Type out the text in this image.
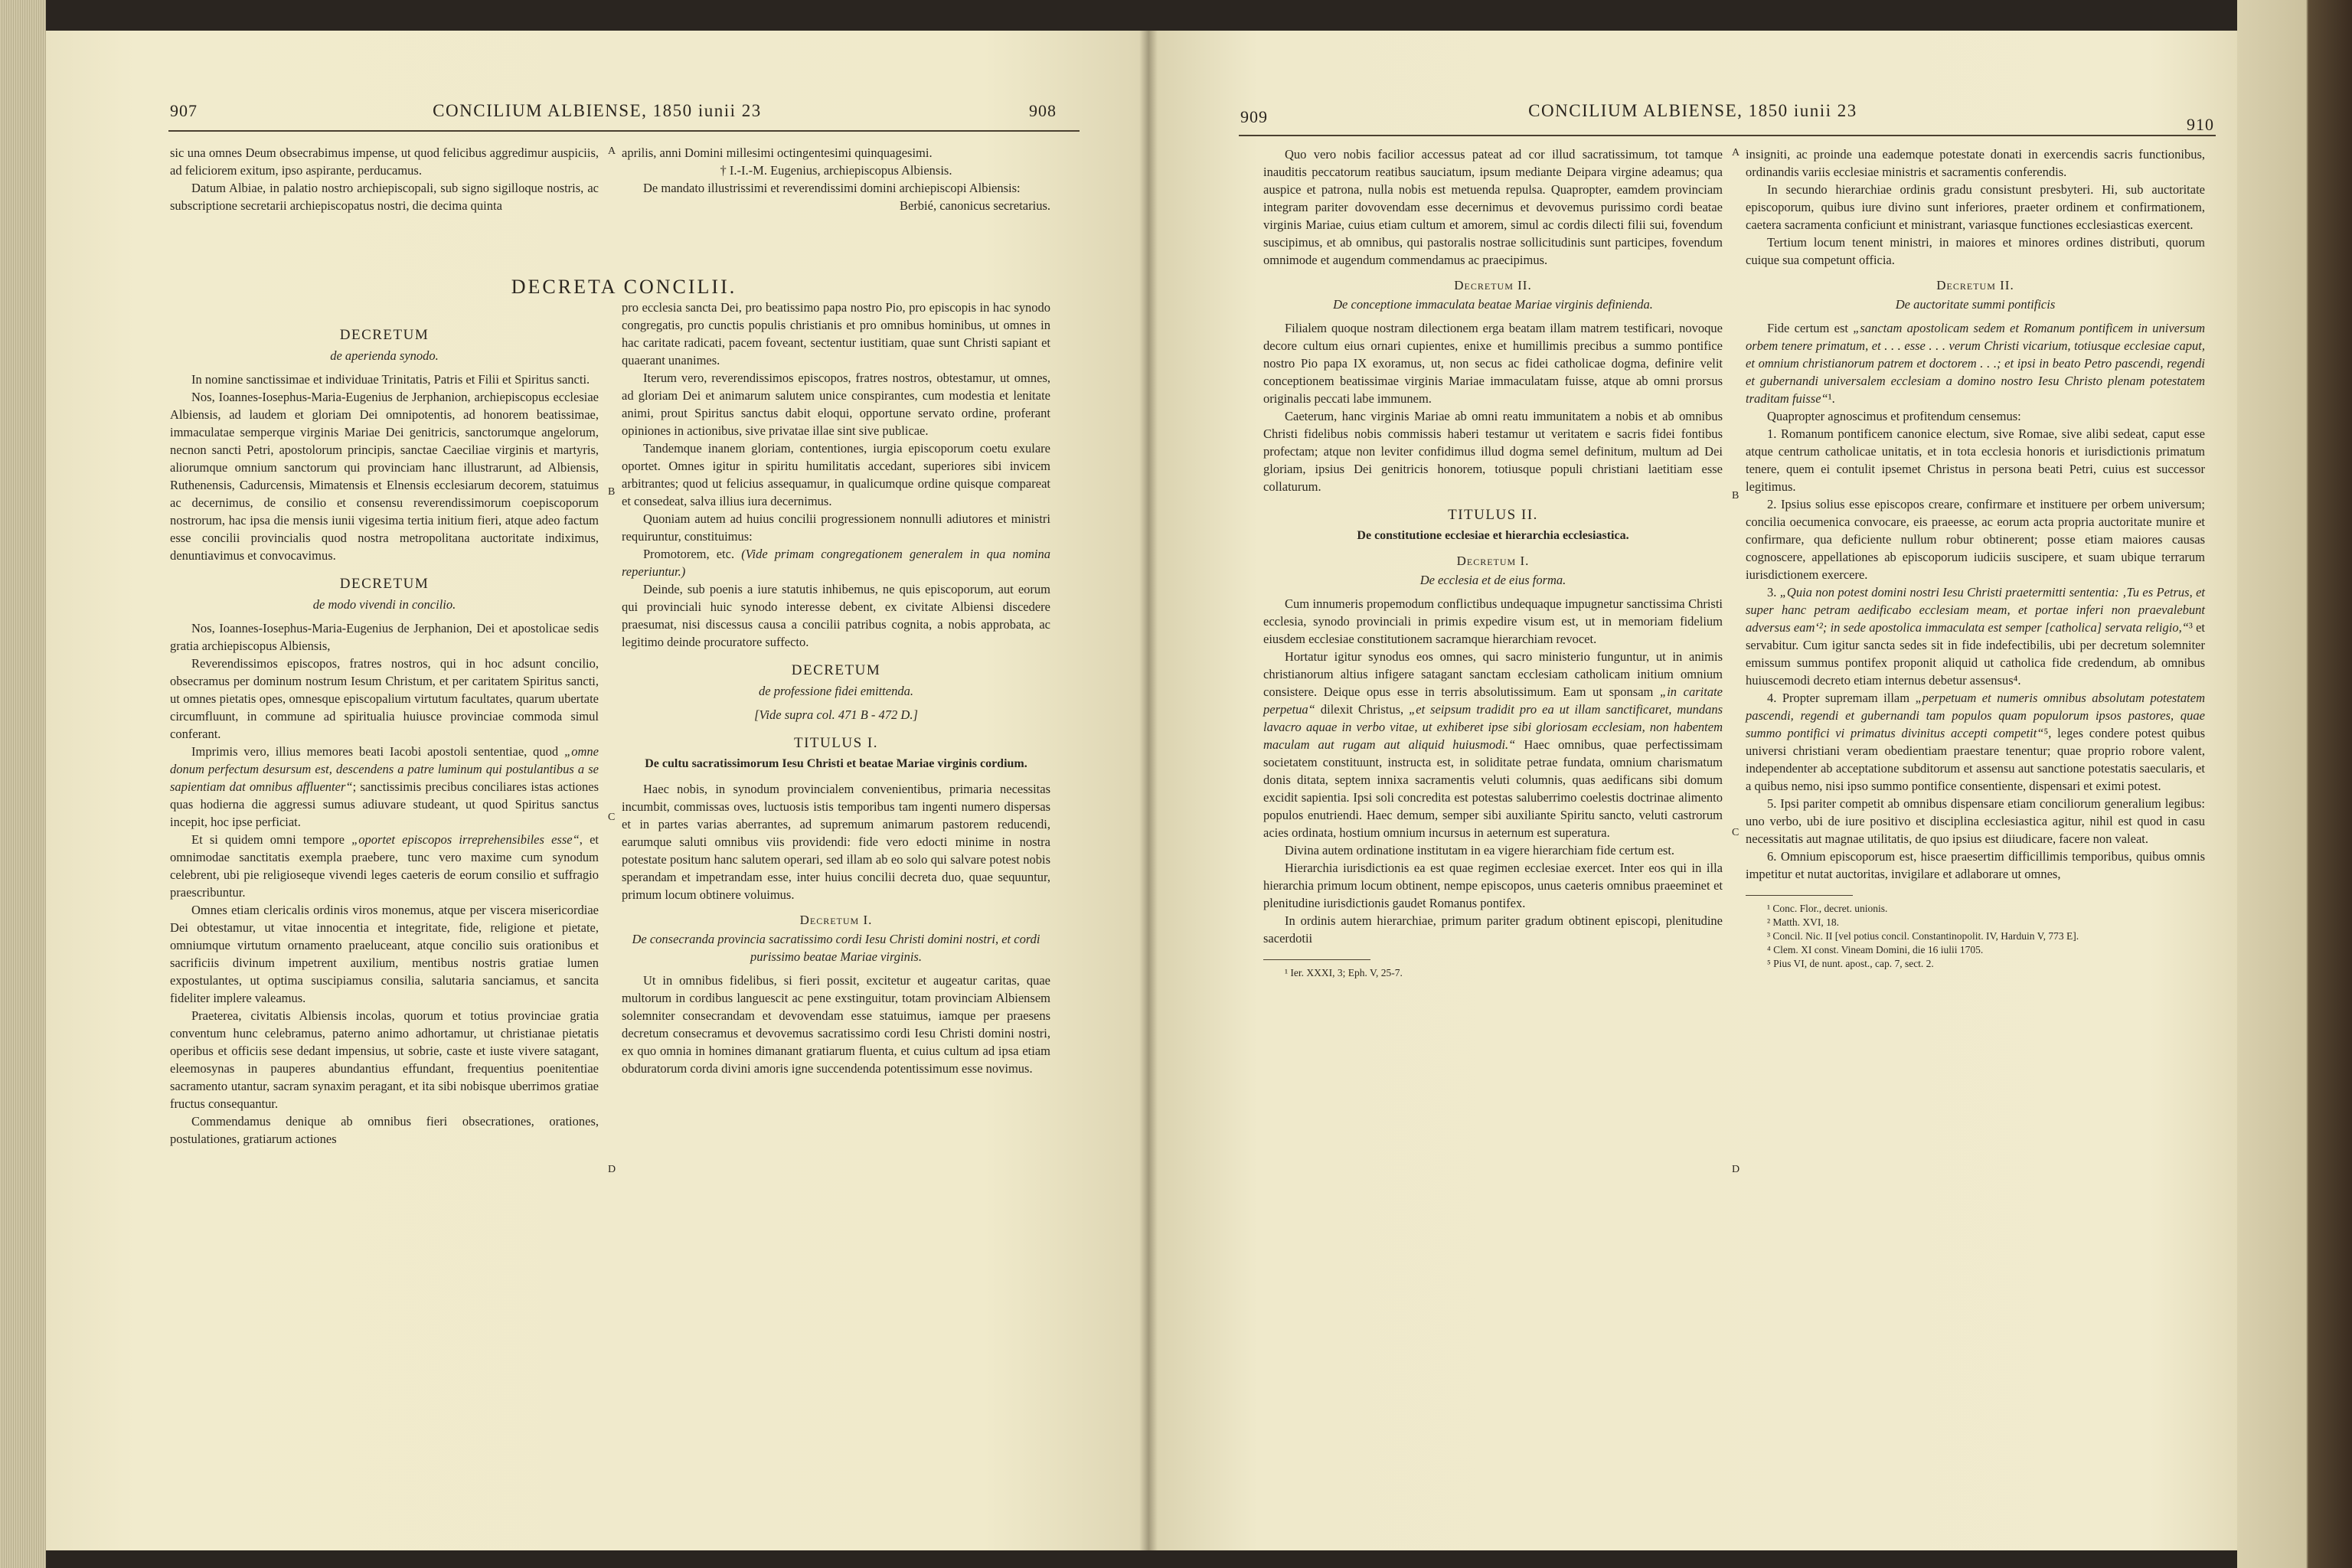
907	CONCILIUM ALBIENSE, 1850 iunii 23	908

sic una omnes Deum obsecrabimus impense, ut quod felicibus aggredimur auspiciis, ad feliciorem exitum, ipso aspirante, perducamus.

Datum Albiae, in palatio nostro archiepiscopali, sub signo sigilloque nostris, ac subscriptione secretarii archiepiscopatus nostri, die decima quinta

aprilis, anni Domini millesimi octingentesimi quinquagesimi.

† I.-I.-M. Eugenius, archiepiscopus Albiensis.

De mandato illustrissimi et reverendissimi domini archiepiscopi Albiensis:

Berbié, canonicus secretarius.

DECRETA CONCILII.
DECRETUM

de aperienda synodo.

In nomine sanctissimae et individuae Trinitatis, Patris et Filii et Spiritus sancti.

Nos, Ioannes-Iosephus-Maria-Eugenius de Jerphanion, archiepiscopus ecclesiae Albiensis, ad laudem et gloriam Dei omnipotentis, ad honorem beatissimae, immaculatae semperque virginis Mariae Dei genitricis, sanctorumque angelorum, necnon sancti Petri, apostolorum principis, sanctae Caeciliae virginis et martyris, aliorumque omnium sanctorum qui provinciam hanc illustrarunt, ad Albiensis, Ruthenensis, Cadurcensis, Mimatensis et Elnensis ecclesiarum decorem, statuimus ac decernimus, de consilio et consensu reverendissimorum coepiscoporum nostrorum, hac ipsa die mensis iunii vigesima tertia initium fieri, atque adeo factum esse concilii provincialis quod nostra metropolitana auctoritate indiximus, denuntiavimus et convocavimus.

DECRETUM

de modo vivendi in concilio.

Nos, Ioannes-Iosephus-Maria-Eugenius de Jerphanion, Dei et apostolicae sedis gratia archiepiscopus Albiensis,

Reverendissimos episcopos, fratres nostros, qui in hoc adsunt concilio, obsecramus per dominum nostrum Iesum Christum, et per caritatem Spiritus sancti, ut omnes pietatis opes, omnesque episcopalium virtutum facultates, quarum ubertate circumfluunt, in commune ad spiritualia huiusce provinciae commoda simul conferant.

Imprimis vero, illius memores beati Iacobi apostoli sententiae, quod „omne donum perfectum desursum est, descendens a patre luminum qui postulantibus a se sapientiam dat omnibus affluenter“; sanctissimis precibus conciliares istas actiones quas hodierna die aggressi sumus adiuvare studeant, ut quod Spiritus sanctus incepit, hoc ipse perficiat.

Et si quidem omni tempore „oportet episcopos irreprehensibiles esse“, et omnimodae sanctitatis exempla praebere, tunc vero maxime cum synodum celebrent, ubi pie religioseque vivendi leges caeteris de eorum consilio et suffragio praescribuntur.

Omnes etiam clericalis ordinis viros monemus, atque per viscera misericordiae Dei obtestamur, ut vitae innocentia et integritate, fide, religione et pietate, omniumque virtutum ornamento praeluceant, atque concilio suis orationibus et sacrificiis divinum impetrent auxilium, mentibus nostris gratiae lumen expostulantes, ut optima suscipiamus consilia, salutaria sanciamus, et sancita fideliter implere valeamus.

Praeterea, civitatis Albiensis incolas, quorum et totius provinciae gratia conventum hunc celebramus, paterno animo adhortamur, ut christianae pietatis operibus et officiis sese dedant impensius, ut sobrie, caste et iuste vivere satagant, eleemosynas in pauperes abundantius effundant, frequentius poenitentiae sacramento utantur, sacram synaxim peragant, et ita sibi nobisque uberrimos gratiae fructus consequantur.

Commendamus denique ab omnibus fieri obsecrationes, orationes, postulationes, gratiarum actiones

pro ecclesia sancta Dei, pro beatissimo papa nostro Pio, pro episcopis in hac synodo congregatis, pro cunctis populis christianis et pro omnibus hominibus, ut omnes in hac caritate radicati, pacem foveant, sectentur iustitiam, quae sunt Christi sapiant et quaerant unanimes.

Iterum vero, reverendissimos episcopos, fratres nostros, obtestamur, ut omnes, ad gloriam Dei et animarum salutem unice conspirantes, cum modestia et lenitate animi, prout Spiritus sanctus dabit eloqui, opportune servato ordine, proferant opiniones in actionibus, sive privatae illae sint sive publicae.

Tandemque inanem gloriam, contentiones, iurgia episcoporum coetu exulare oportet. Omnes igitur in spiritu humilitatis accedant, superiores sibi invicem arbitrantes; quod ut felicius assequamur, in qualicumque ordine quisque compareat et consedeat, salva illius iura decernimus.

Quoniam autem ad huius concilii progressionem nonnulli adiutores et ministri requiruntur, constituimus:

Promotorem, etc. (Vide primam congregationem generalem in qua nomina reperiuntur.)

Deinde, sub poenis a iure statutis inhibemus, ne quis episcoporum, aut eorum qui provinciali huic synodo interesse debent, ex civitate Albiensi discedere praesumat, nisi discessus causa a concilii patribus cognita, a nobis approbata, ac legitimo deinde procuratore suffecto.

DECRETUM

de professione fidei emittenda.

[Vide supra col. 471 B - 472 D.]

TITULUS I.

De cultu sacratissimorum Iesu Christi et beatae Mariae virginis cordium.

Haec nobis, in synodum provincialem convenientibus, primaria necessitas incumbit, commissas oves, luctuosis istis temporibus tam ingenti numero dispersas et in partes varias aberrantes, ad supremum animarum pastorem reducendi, earumque saluti omnibus viis providendi: fide vero edocti minime in nostra potestate positum hanc salutem operari, sed illam ab eo solo qui salvare potest nobis sperandam et impetrandam esse, inter huius concilii decreta duo, quae sequuntur, primum locum obtinere voluimus.

Decretum I.

De consecranda provincia sacratissimo cordi Iesu Christi domini nostri, et cordi purissimo beatae Mariae virginis.

Ut in omnibus fidelibus, si fieri possit, excitetur et augeatur caritas, quae multorum in cordibus languescit ac pene exstinguitur, totam provinciam Albiensem solemniter consecrandam et devovendam esse statuimus, iamque per praesens decretum consecramus et devovemus sacratissimo cordi Iesu Christi domini nostri, ex quo omnia in homines dimanant gratiarum fluenta, et cuius cultum ad ipsa etiam obduratorum corda divini amoris igne succendenda potentissimum esse novimus.

A
B
C
D
909	CONCILIUM ALBIENSE, 1850 iunii 23
910

Quo vero nobis facilior accessus pateat ad cor illud sacratissimum, tot tamque inauditis peccatorum reatibus sauciatum, ipsum mediante Deipara virgine adeamus; qua auspice et patrona, nulla nobis est metuenda repulsa. Quapropter, eamdem provinciam integram pariter dovovendam esse decernimus et devovemus purissimo cordi beatae virginis Mariae, cuius etiam cultum et amorem, simul ac cordis dilecti filii sui, fovendum suscipimus, et ab omnibus, qui pastoralis nostrae sollicitudinis sunt participes, fovendum omnimode et augendum commendamus ac praecipimus.

Decretum II.

De conceptione immaculata beatae Mariae virginis definienda.

Filialem quoque nostram dilectionem erga beatam illam matrem testificari, novoque decore cultum eius ornari cupientes, enixe et humillimis precibus a summo pontifice nostro Pio papa IX exoramus, ut, non secus ac fidei catholicae dogma, definire velit conceptionem beatissimae virginis Mariae immaculatam fuisse, atque ab omni prorsus originalis peccati labe immunem.

Caeterum, hanc virginis Mariae ab omni reatu immunitatem a nobis et ab omnibus Christi fidelibus nobis commissis haberi testamur ut veritatem e sacris fidei fontibus profectam; atque non leviter confidimus illud dogma semel definitum, multum ad Dei gloriam, ipsius Dei genitricis honorem, totiusque populi christiani laetitiam esse collaturum.

TITULUS II.

De constitutione ecclesiae et hierarchia ecclesiastica.

Decretum I.

De ecclesia et de eius forma.

Cum innumeris propemodum conflictibus undequaque impugnetur sanctissima Christi ecclesia, synodo provinciali in primis expedire visum est, ut in memoriam fidelium eiusdem ecclesiae constitutionem sacramque hierarchiam revocet.

Hortatur igitur synodus eos omnes, qui sacro ministerio funguntur, ut in animis christianorum altius infigere satagant sanctam ecclesiam catholicam initium omnium consistere. Deique opus esse in terris absolutissimum. Eam ut sponsam „in caritate perpetua“ dilexit Christus, „et seipsum tradidit pro ea ut illam sanctificaret, mundans lavacro aquae in verbo vitae, ut exhiberet ipse sibi gloriosam ecclesiam, non habentem maculam aut rugam aut aliquid huiusmodi.“ Haec omnibus, quae perfectissimam societatem constituunt, instructa est, in soliditate petrae fundata, omnium charismatum donis ditata, septem innixa sacramentis veluti columnis, quas aedificans sibi domum excidit sapientia. Ipsi soli concredita est potestas saluberrimo coelestis doctrinae alimento populos enutriendi. Haec demum, semper sibi auxiliante Spiritu sancto, veluti castrorum acies ordinata, hostium omnium incursus in aeternum est superatura.

Divina autem ordinatione institutam in ea vigere hierarchiam fide certum est.

Hierarchia iurisdictionis ea est quae regimen ecclesiae exercet. Inter eos qui in illa hierarchia primum locum obtinent, nempe episcopos, unus caeteris omnibus praeeminet et plenitudine iurisdictionis gaudet Romanus pontifex.

In ordinis autem hierarchiae, primum pariter gradum obtinent episcopi, plenitudine sacerdotii

¹ Ier. XXXI, 3; Eph. V, 25-7.

insigniti, ac proinde una eademque potestate donati in exercendis sacris functionibus, ordinandis variis ecclesiae ministris et sacramentis conferendis.

In secundo hierarchiae ordinis gradu consistunt presbyteri. Hi, sub auctoritate episcoporum, quibus iure divino sunt inferiores, praeter ordinem et confirmationem, caetera sacramenta conficiunt et ministrant, variasque functiones ecclesiasticas exercent.

Tertium locum tenent ministri, in maiores et minores ordines distributi, quorum cuique sua competunt officia.

Decretum II.

De auctoritate summi pontificis

Fide certum est „sanctam apostolicam sedem et Romanum pontificem in universum orbem tenere primatum, et . . . esse . . . verum Christi vicarium, totiusque ecclesiae caput, et omnium christianorum patrem et doctorem . . .; et ipsi in beato Petro pascendi, regendi et gubernandi universalem ecclesiam a domino nostro Iesu Christo plenam potestatem traditam fuisse“¹.

Quapropter agnoscimus et profitendum censemus:

1. Romanum pontificem canonice electum, sive Romae, sive alibi sedeat, caput esse atque centrum catholicae unitatis, et in tota ecclesia honoris et iurisdictionis primatum tenere, quem ei contulit ipsemet Christus in persona beati Petri, cuius est successor legitimus.

2. Ipsius solius esse episcopos creare, confirmare et instituere per orbem universum; concilia oecumenica convocare, eis praeesse, ac eorum acta propria auctoritate munire et confirmare, qua deficiente nullum robur obtinerent; posse etiam maiores causas cognoscere, appellationes ab episcoporum iudiciis suscipere, et suam ubique terrarum iurisdictionem exercere.

3. „Quia non potest domini nostri Iesu Christi praetermitti sententia: ‚Tu es Petrus, et super hanc petram aedificabo ecclesiam meam, et portae inferi non praevalebunt adversus eam‘²; in sede apostolica immaculata est semper [catholica] servata religio,“³ et servabitur. Cum igitur sancta sedes sit in fide indefectibilis, ubi per decretum solemniter emissum summus pontifex proponit aliquid ut catholica fide credendum, ab omnibus huiuscemodi decreto etiam internus debetur assensus⁴.

4. Propter supremam illam „perpetuam et numeris omnibus absolutam potestatem pascendi, regendi et gubernandi tam populos quam populorum ipsos pastores, quae summo pontifici vi primatus divinitus accepti competit“⁵, leges condere potest quibus universi christiani veram obedientiam praestare tenentur; quae proprio robore valent, independenter ab acceptatione subditorum et assensu aut sanctione potestatis saecularis, et a quibus nemo, nisi ipso summo pontifice consentiente, dispensari et eximi potest.

5. Ipsi pariter competit ab omnibus dispensare etiam conciliorum generalium legibus: uno verbo, ubi de iure positivo et disciplina ecclesiastica agitur, nihil est quod in casu necessitatis aut magnae utilitatis, de quo ipsius est diiudicare, facere non valeat.

6. Omnium episcoporum est, hisce praesertim difficillimis temporibus, quibus omnis impetitur et nutat auctoritas, invigilare et adlaborare ut omnes,

¹ Conc. Flor., decret. unionis.

² Matth. XVI, 18.

³ Concil. Nic. II [vel potius concil. Constantinopolit. IV, Harduin V, 773 E].

⁴ Clem. XI const. Vineam Domini, die 16 iulii 1705.

⁵ Pius VI, de nunt. apost., cap. 7, sect. 2.

A
B
C
D
